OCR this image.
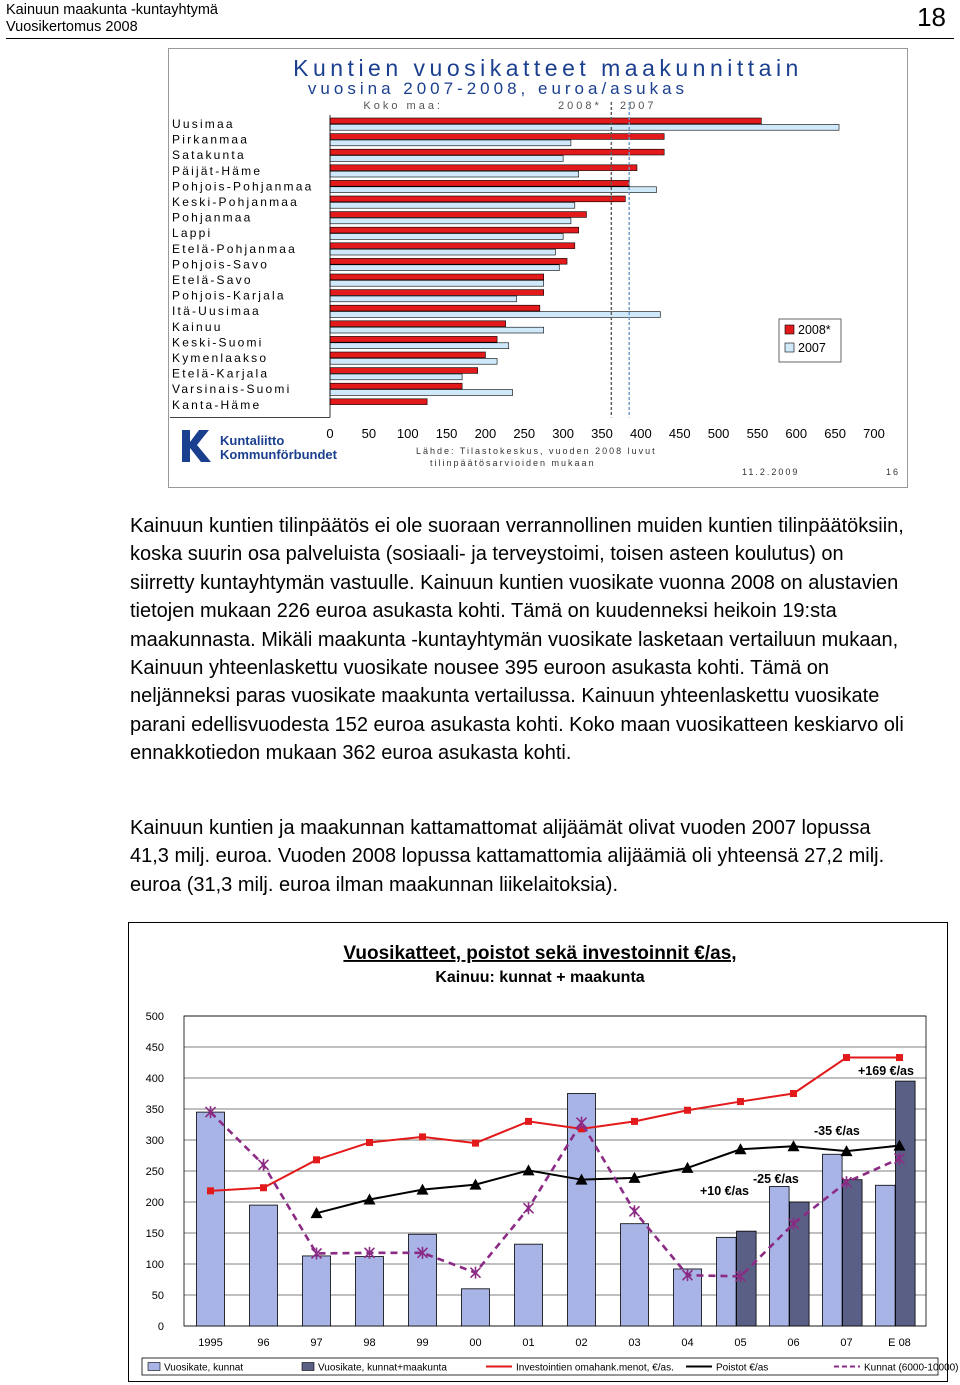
Kainuun maakunta -kuntayhtymä
Vuosikertomus 2008	18
Kuntien vuosikatteet maakunnittain
vuosina 2007-2008, euroa/asukas
Koko maa:	2008* 2007
Uusimaa
Pirkanmaa
Satakunta
Päijät-Häme
Pohjois-Pohjanmaa
Keski-Pohjanmaa
Pohjanmaa
Lappi
Etelä-Pohjanmaa
Pohjois-Savo
Etelä-Savo
Pohjois-Karjala
Itä-Uusimaa
Kainuu
Keski-Suomi
Kymenlaakso
Etelä-Karjala
Varsinais-Suomi
Kanta-Häme
0 50 100 150 200 250 300 350 400 450 500 550 600 650 700
2008*
2007
Kuntaliitto
Kommunförbundet	Lähde: Tilastokeskus, vuoden 2008 luvut
tilinpäätösarvioiden mukaan
11.2.2009	16
Kainuun kuntien tilinpäätös ei ole suoraan verrannollinen muiden kuntien tilinpäätöksiin, koska suurin osa palveluista (sosiaali- ja terveystoimi, toisen asteen koulutus) on siirretty kuntayhtymän vastuulle. Kainuun kuntien vuosikate vuonna 2008 on alustavien tietojen mukaan 226 euroa asukasta kohti. Tämä on kuudenneksi heikoin 19:sta maakunnasta. Mikäli maakunta -kuntayhtymän vuosikate lasketaan vertailuun mukaan, Kainuun yhteenlaskettu vuosikate nousee 395 euroon asukasta kohti. Tämä on neljänneksi paras vuosikate maakunta vertailussa. Kainuun yhteenlaskettu vuosikate parani edellisvuodesta 152 euroa asukasta kohti. Koko maan vuosikatteen keskiarvo oli ennakkotiedon mukaan 362 euroa asukasta kohti.
Kainuun kuntien ja maakunnan kattamattomat alijäämät olivat vuoden 2007 lopussa 41,3 milj. euroa. Vuoden 2008 lopussa kattamattomia alijäämiä oli yhteensä 27,2 milj. euroa (31,3 milj. euroa ilman maakunnan liikelaitoksia).
Vuosikatteet, poistot sekä investoinnit €/as,
Kainuu: kunnat + maakunta
0
50
100
150
200
250
300
350
400
450
500
+169 €/as
-35 €/as
-25 €/as
+10 €/as
1995	96	97	98	99	00	01	02	03	04	05	06	07	E 08
Vuosikate, kunnat	Vuosikate, kunnat+maakunta	Investointien omahank.menot, €/as.	Poistot €/as	Kunnat (6000-10000)
